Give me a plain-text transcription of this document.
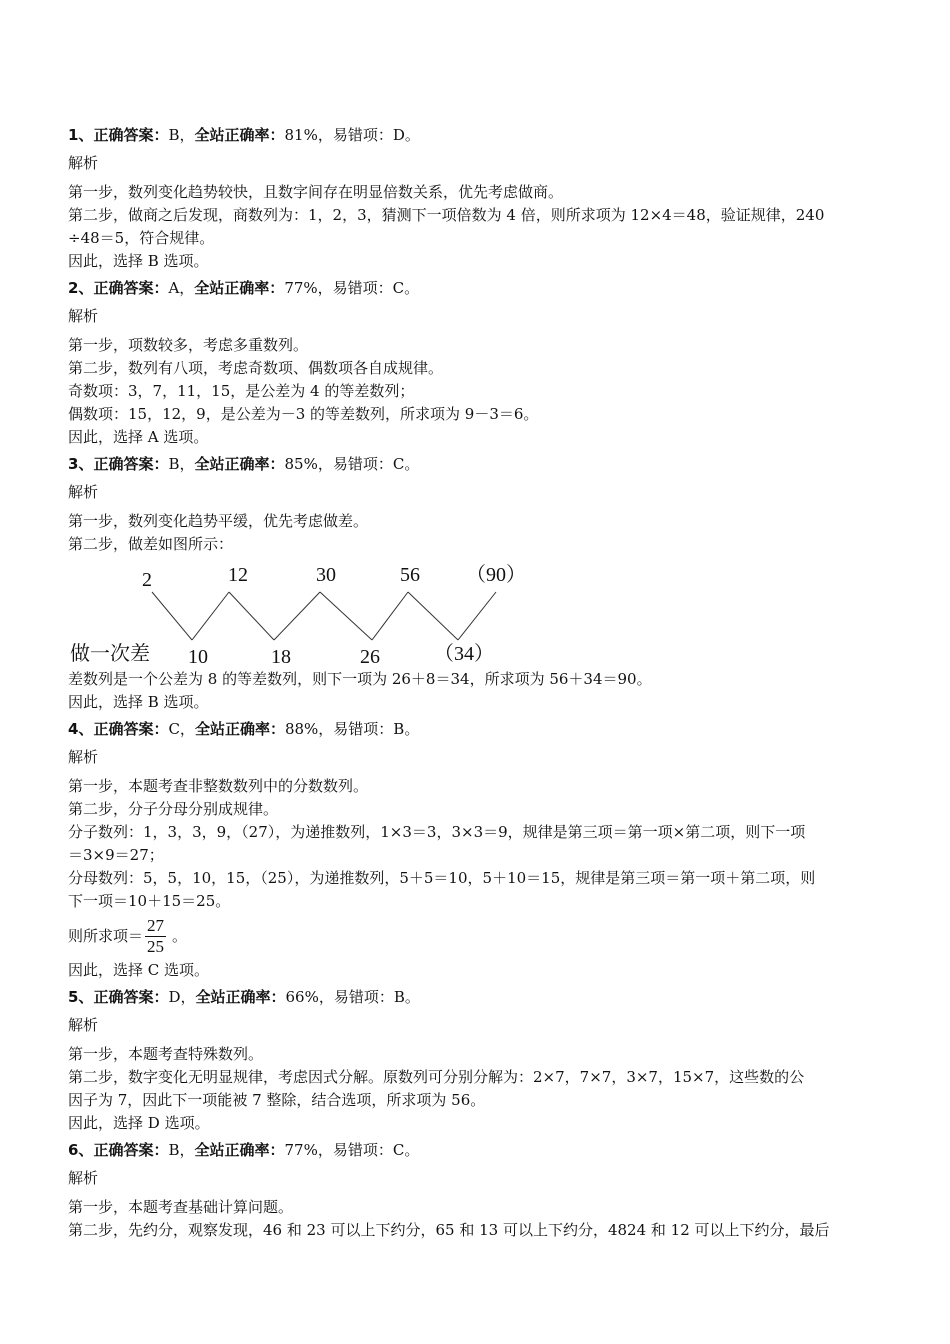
1、正确答案：B，全站正确率：81%，易错项：D。
解析
第一步，数列变化趋势较快，且数字间存在明显倍数关系，优先考虑做商。
第二步，做商之后发现，商数列为：1，2，3，猜测下一项倍数为 4 倍，则所求项为 12×4＝48，验证规律，240
÷48＝5，符合规律。
因此，选择 B 选项。
2、正确答案：A，全站正确率：77%，易错项：C。
解析
第一步，项数较多，考虑多重数列。
第二步，数列有八项，考虑奇数项、偶数项各自成规律。
奇数项：3，7，11，15，是公差为 4 的等差数列；
偶数项：15，12，9，是公差为－3 的等差数列，所求项为 9－3＝6。
因此，选择 A 选项。
3、正确答案：B，全站正确率：85%，易错项：C。
解析
第一步，数列变化趋势平缓，优先考虑做差。
第二步，做差如图所示：
2	12	30	56 （90）
10	18	26	（34）
做一次差
差数列是一个公差为 8 的等差数列，则下一项为 26＋8＝34，所求项为 56＋34＝90。
因此，选择 B 选项。
4、正确答案：C，全站正确率：88%，易错项：B。
解析
第一步，本题考查非整数数列中的分数数列。
第二步，分子分母分别成规律。
分子数列：1，3，3，9，（27），为递推数列，1×3＝3，3×3＝9，规律是第三项＝第一项×第二项，则下一项
＝3×9＝27；
分母数列：5，5，10，15，（25），为递推数列，5＋5＝10，5＋10＝15，规律是第三项＝第一项＋第二项，则
下一项＝10＋15＝25。
则所求项＝ $\frac{27}{25}$ 。
因此，选择 C 选项。
5、正确答案：D，全站正确率：66%，易错项：B。
解析
第一步，本题考查特殊数列。
第二步，数字变化无明显规律，考虑因式分解。原数列可分别分解为：2×7，7×7，3×7，15×7，这些数的公
因子为 7，因此下一项能被 7 整除，结合选项，所求项为 56。
因此，选择 D 选项。
6、正确答案：B，全站正确率：77%，易错项：C。
解析
第一步，本题考查基础计算问题。
第二步，先约分，观察发现，46 和 23 可以上下约分，65 和 13 可以上下约分，4824 和 12 可以上下约分，最后
